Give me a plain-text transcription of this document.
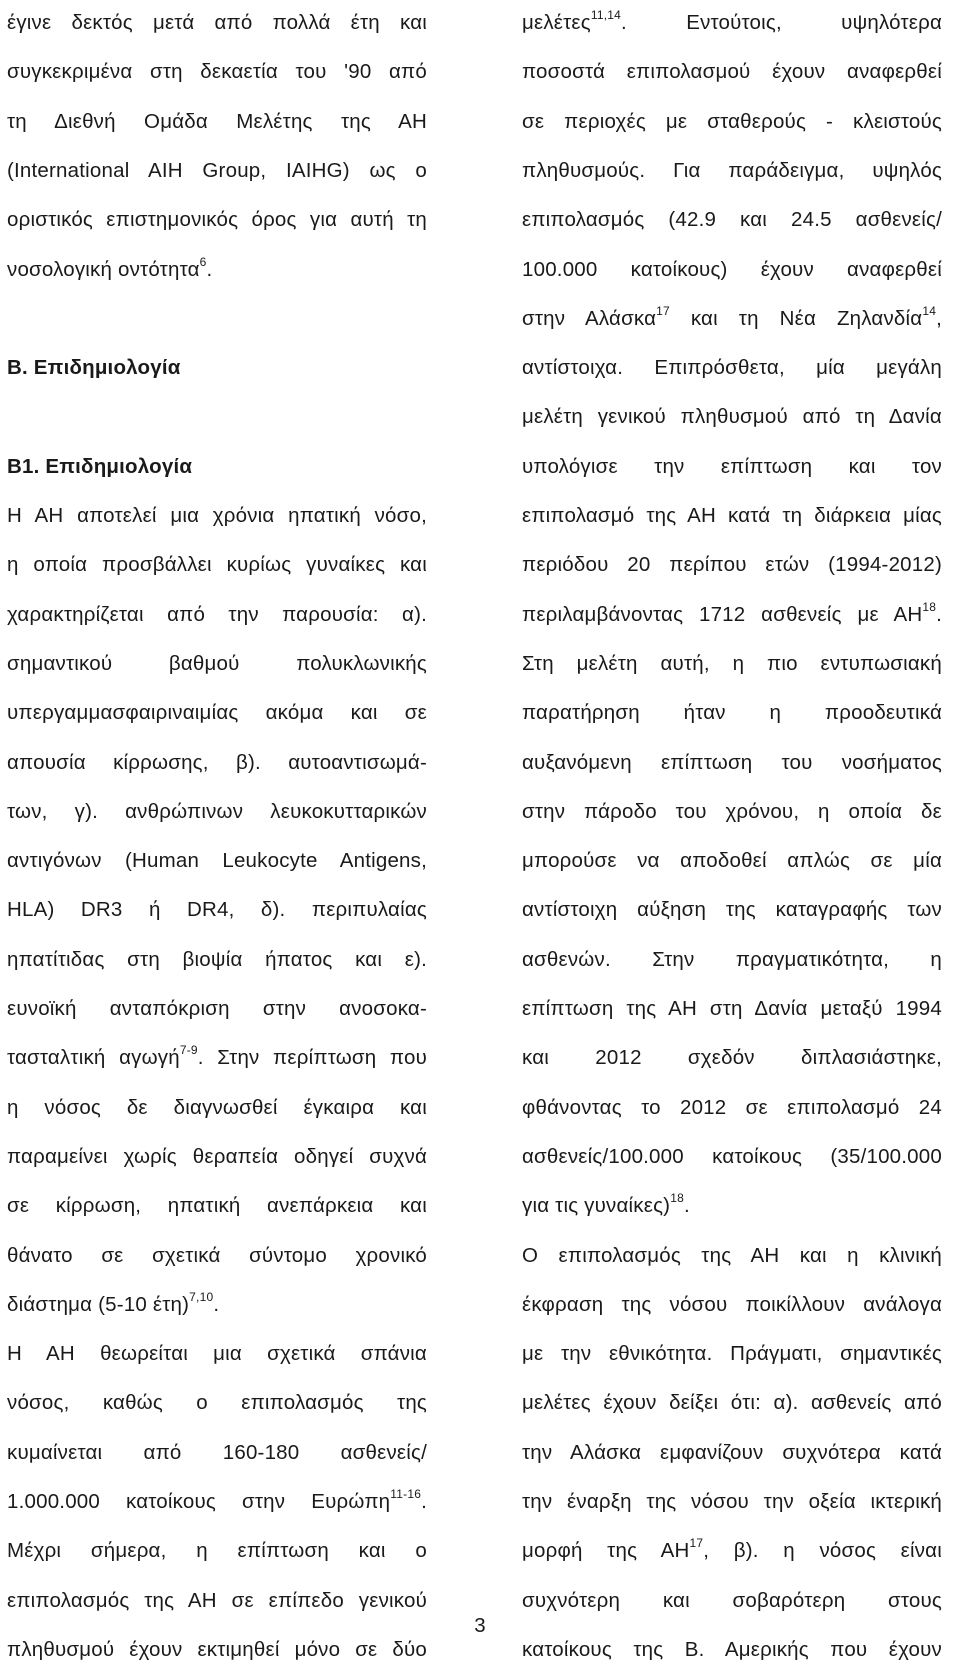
έγινε δεκτός μετά από πολλά έτη και
συγκεκριμένα στη δεκαετία του '90 από
τη Διεθνή Ομάδα Μελέτης της ΑΗ
(International AIH Group, IAIHG) ως ο
οριστικός επιστημονικός όρος για αυτή τη
νοσολογική οντότητα$^6$.
Β. Επιδημιολογία
Β1. Επιδημιολογία
Η ΑΗ αποτελεί μια χρόνια ηπατική νόσο,
η οποία προσβάλλει κυρίως γυναίκες και
χαρακτηρίζεται από την παρουσία: α).
σημαντικού βαθμού πολυκλωνικής
υπεργαμμασφαιριναιμίας ακόμα και σε
απουσία κίρρωσης, β). αυτοαντισωμά-
των, γ). ανθρώπινων λευκοκυτταρικών
αντιγόνων (Human Leukocyte Antigens,
HLA) DR3 ή DR4, δ). περιπυλαίας
ηπατίτιδας στη βιοψία ήπατος και ε).
ευνοϊκή ανταπόκριση στην ανοσοκα-
τασταλτική αγωγή$^{7-9}$. Στην περίπτωση που
η νόσος δε διαγνωσθεί έγκαιρα και
παραμείνει χωρίς θεραπεία οδηγεί συχνά
σε κίρρωση, ηπατική ανεπάρκεια και
θάνατο σε σχετικά σύντομο χρονικό
διάστημα (5-10 έτη)$^{7,10}$.
Η ΑΗ θεωρείται μια σχετικά σπάνια
νόσος, καθώς ο επιπολασμός της
κυμαίνεται από 160-180 ασθενείς/
1.000.000 κατοίκους στην Ευρώπη$^{11-16}$.
Μέχρι σήμερα, η επίπτωση και ο
επιπολασμός της ΑΗ σε επίπεδο γενικού
πληθυσμού έχουν εκτιμηθεί μόνο σε δύο
μελέτες$^{11,14}$. Εντούτοις, υψηλότερα
ποσοστά επιπολασμού έχουν αναφερθεί
σε περιοχές με σταθερούς - κλειστούς
πληθυσμούς. Για παράδειγμα, υψηλός
επιπολασμός (42.9 και 24.5 ασθενείς/
100.000 κατοίκους) έχουν αναφερθεί
στην Αλάσκα$^{17}$ και τη Νέα Ζηλανδία$^{14}$,
αντίστοιχα. Επιπρόσθετα, μία μεγάλη
μελέτη γενικού πληθυσμού από τη Δανία
υπολόγισε την επίπτωση και τον
επιπολασμό της ΑΗ κατά τη διάρκεια μίας
περιόδου 20 περίπου ετών (1994-2012)
περιλαμβάνοντας 1712 ασθενείς με ΑΗ$^{18}$.
Στη μελέτη αυτή, η πιο εντυπωσιακή
παρατήρηση ήταν η προοδευτικά
αυξανόμενη επίπτωση του νοσήματος
στην πάροδο του χρόνου, η οποία δε
μπορούσε να αποδοθεί απλώς σε μία
αντίστοιχη αύξηση της καταγραφής των
ασθενών. Στην πραγματικότητα, η
επίπτωση της ΑΗ στη Δανία μεταξύ 1994
και 2012 σχεδόν διπλασιάστηκε,
φθάνοντας το 2012 σε επιπολασμό 24
ασθενείς/100.000 κατοίκους (35/100.000
για τις γυναίκες)$^{18}$.
Ο επιπολασμός της ΑΗ και η κλινική
έκφραση της νόσου ποικίλλουν ανάλογα
με την εθνικότητα. Πράγματι, σημαντικές
μελέτες έχουν δείξει ότι: α). ασθενείς από
την Αλάσκα εμφανίζουν συχνότερα κατά
την έναρξη της νόσου την οξεία ικτερική
μορφή της ΑΗ$^{17}$, β). η νόσος είναι
συχνότερη και σοβαρότερη στους
κατοίκους της Β. Αμερικής που έχουν
3
